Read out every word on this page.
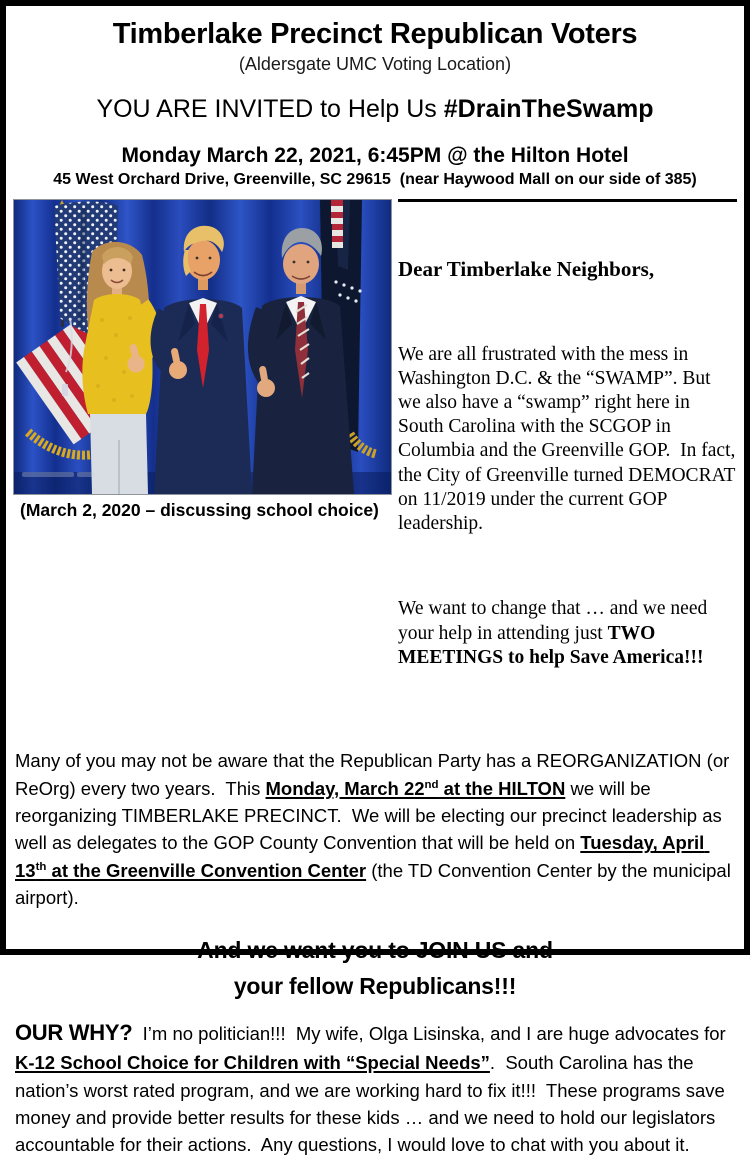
Timberlake Precinct Republican Voters
(Aldersgate UMC Voting Location)
YOU ARE INVITED to Help Us #DrainTheSwamp
Monday March 22, 2021, 6:45PM @ the Hilton Hotel
45 West Orchard Drive, Greenville, SC 29615  (near Haywood Mall on our side of 385)
(March 2, 2020 – discussing school choice)

Dear Timberlake Neighbors,

We are all frustrated with the mess in Washington D.C. & the “SWAMP”. But we also have a “swamp” right here in South Carolina with the SCGOP in Columbia and the Greenville GOP.  In fact, the City of Greenville turned DEMOCRAT on 11/2019 under the current GOP leadership.

We want to change that … and we need your help in attending just TWO MEETINGS to help Save America!!!

Many of you may not be aware that the Republican Party has a REORGANIZATION (or ReOrg) every two years.  This Monday, March 22nd at the HILTON we will be reorganizing TIMBERLAKE PRECINCT.  We will be electing our precinct leadership as well as delegates to the GOP County Convention that will be held on Tuesday, April 13th at the Greenville Convention Center (the TD Convention Center by the municipal airport).

And we want you to JOIN US and
your fellow Republicans!!!

OUR WHY?  I’m no politician!!!  My wife, Olga Lisinska, and I are huge advocates for K-12 School Choice for Children with “Special Needs”.  South Carolina has the nation’s worst rated program, and we are working hard to fix it!!!  These programs save money and provide better results for these kids … and we need to hold our legislators accountable for their actions.  Any questions, I would love to chat with you about it.
